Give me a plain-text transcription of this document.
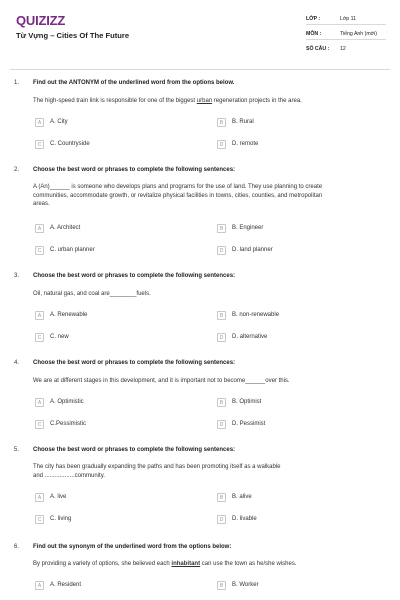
QUIZIZZ
Từ Vựng – Cities Of The Future
LỚP :	Lớp 11
MÔN :	Tiếng Anh (mới)
SỐ CÂU :	12
1. Find out the ANTONYM of the underlined word from the options below.
The high-speed train link is responsible for one of the biggest urban regeneration projects in the area.
A	A. City	B	B. Rural
C	C. Countryside	D	D. remote
2. Choose the best word or phrases to complete the following sentences:
A (An)______ is someone who develops plans and programs for the use of land. They use planning to create
communities, accommodate growth, or revitalize physical facilities in towns, cities, counties, and metropolitan
areas.
A	A. Architect	B	B. Engineer
C	C. urban planner	D	D. land planner
3. Choose the best word or phrases to complete the following sentences:
Oil, natural gas, and coal are________fuels.
A	A. Renewable	B	B. non-renewable
C	C. new	D	D. alternative
4. Choose the best word or phrases to complete the following sentences:
We are at different stages in this development, and it is important not to become______over this.
A	A. Optimistic	B	B. Optimist
C	C.Pessimistic	D	D. Pessimist
5. Choose the best word or phrases to complete the following sentences:
The city has been gradually expanding the paths and has been promoting itself as a walkable
and ..................community.
A	A. live	B	B. alive
C	C. living	D	D. livable
6. Find out the synonym of the underlined word from the options below:
By providing a variety of options, she believed each inhabitant can use the town as he/she wishes.
A	A. Resident	B	B. Worker
